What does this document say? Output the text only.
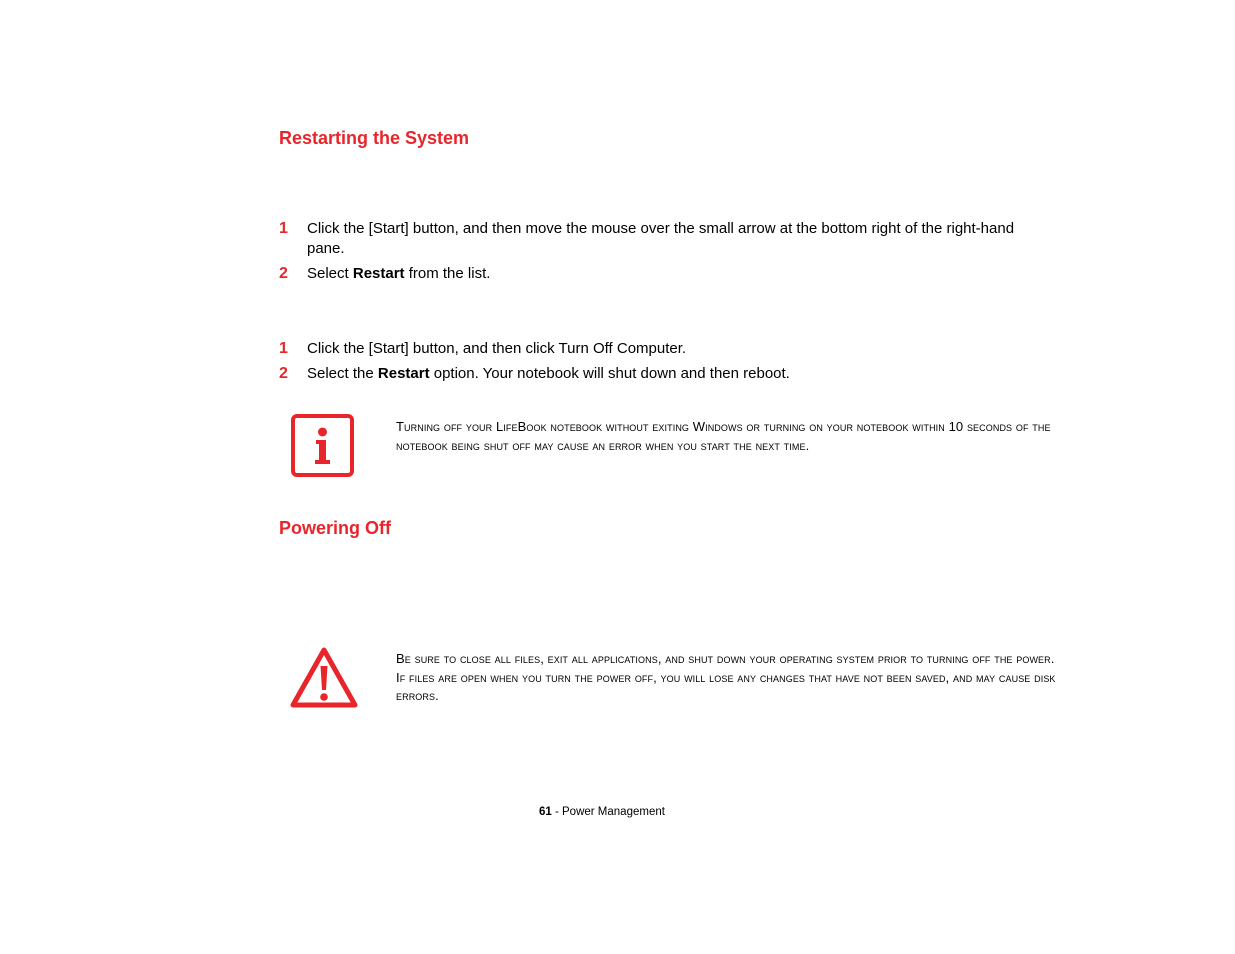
Restarting the System
1 Click the [Start] button, and then move the mouse over the small arrow at the bottom right of the right-hand pane.
2 Select Restart from the list.
1 Click the [Start] button, and then click Turn Off Computer.
2 Select the Restart option. Your notebook will shut down and then reboot.
Turning off your LifeBook notebook without exiting Windows or turning on your notebook within 10 seconds of the notebook being shut off may cause an error when you start the next time.
Powering Off
Be sure to close all files, exit all applications, and shut down your operating system prior to turning off the power. If files are open when you turn the power off, you will lose any changes that have not been saved, and may cause disk errors.
61 - Power Management
